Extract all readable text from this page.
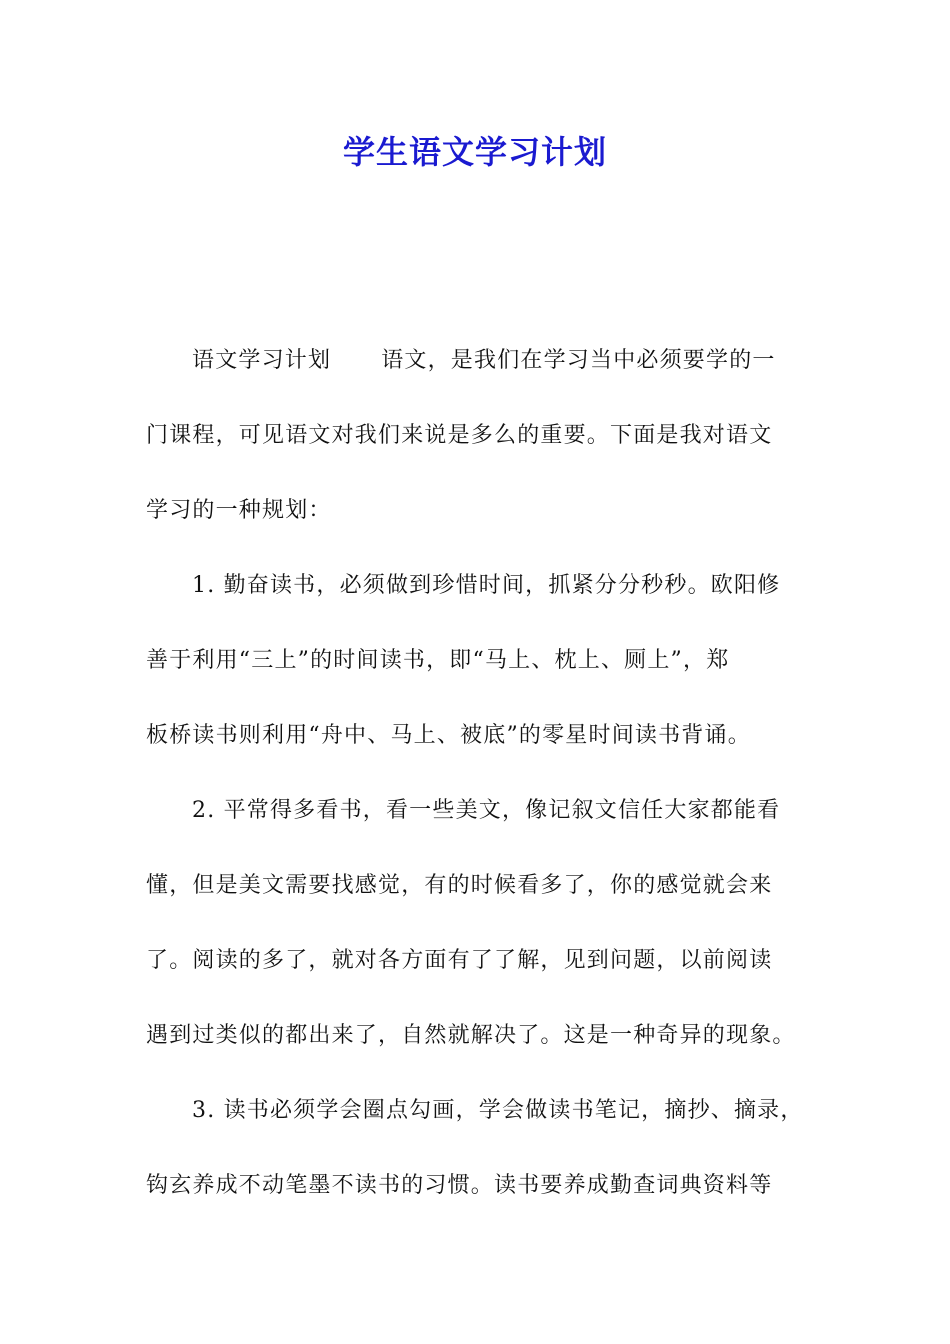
学生语文学习计划
语文学习计划 语文，是我们在学习当中必须要学的一
门课程，可见语文对我们来说是多么的重要。下面是我对语文
学习的一种规划：
1. 勤奋读书，必须做到珍惜时间，抓紧分分秒秒。欧阳修
善于利用“三上”的时间读书，即“马上、枕上、厕上”，郑
板桥读书则利用“舟中、马上、被底”的零星时间读书背诵。
2. 平常得多看书，看一些美文，像记叙文信任大家都能看
懂，但是美文需要找感觉，有的时候看多了，你的感觉就会来
了。阅读的多了，就对各方面有了了解，见到问题，以前阅读
遇到过类似的都出来了，自然就解决了。这是一种奇异的现象。
3. 读书必须学会圈点勾画，学会做读书笔记，摘抄、摘录，
钩玄养成不动笔墨不读书的习惯。读书要养成勤查词典资料等
